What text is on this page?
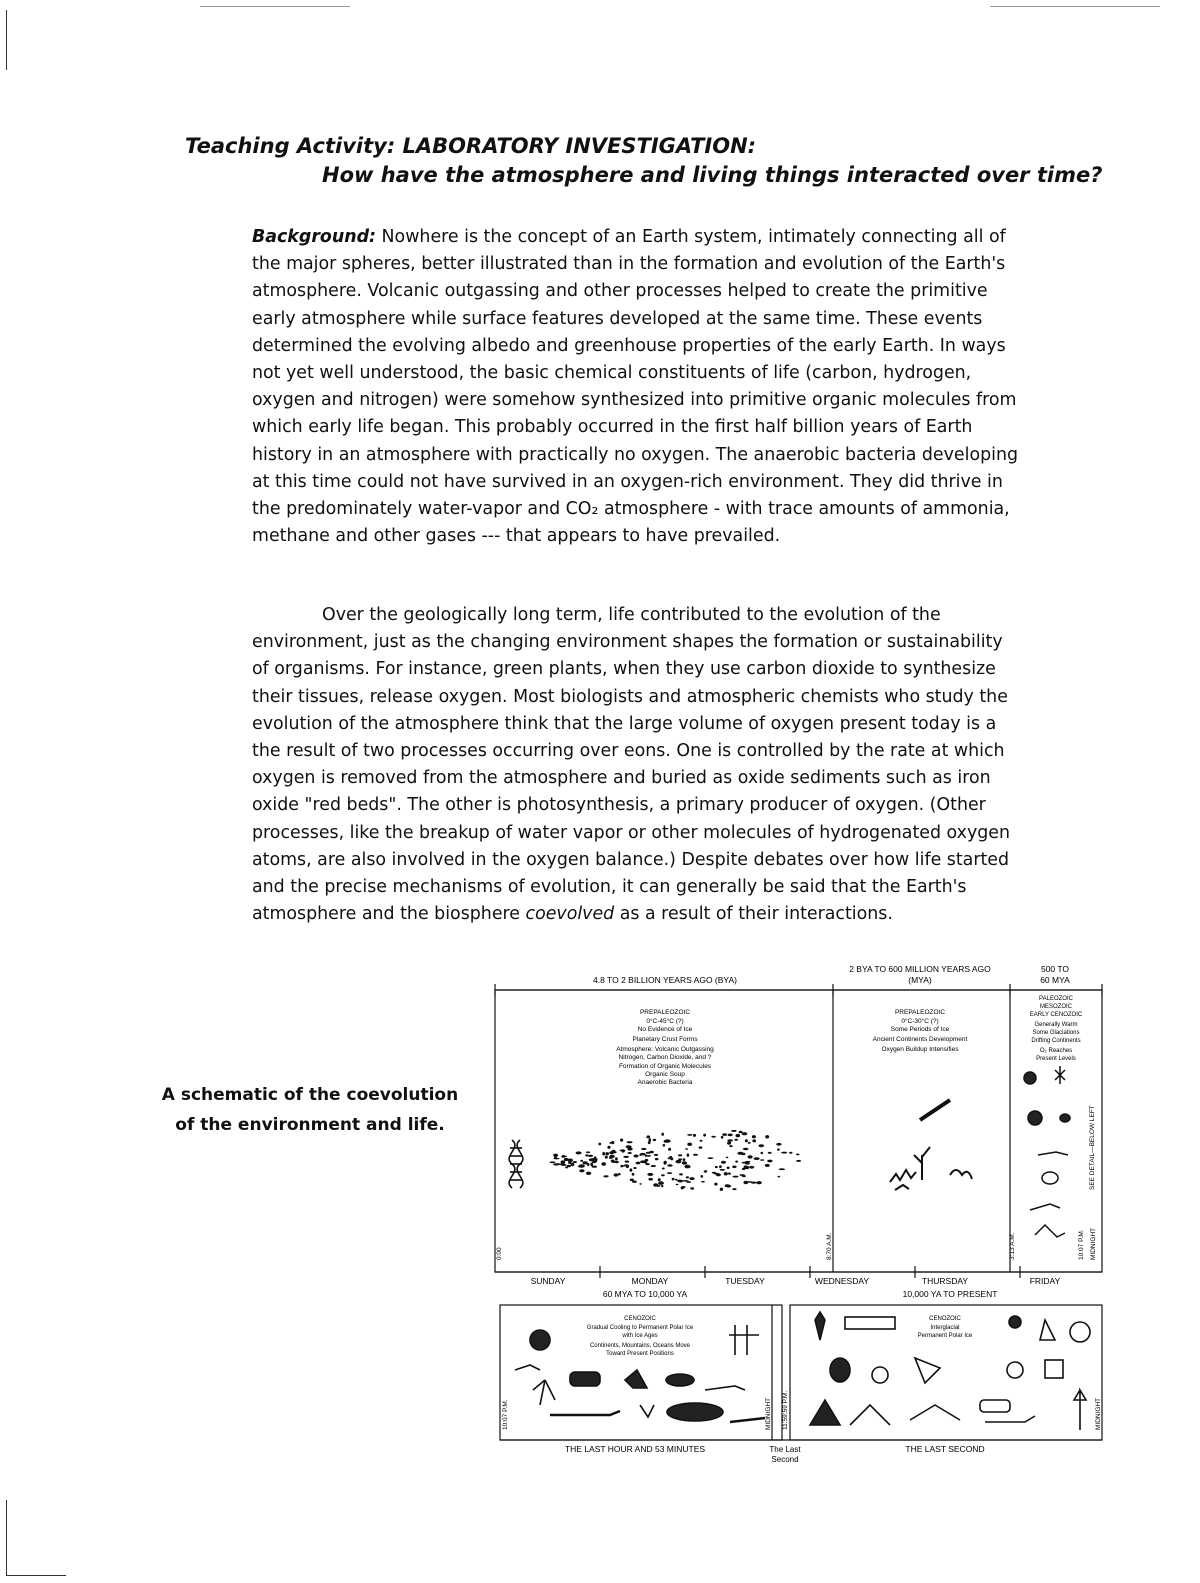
Teaching Activity: LABORATORY INVESTIGATION:
How have the atmosphere and living things interacted over time?
Background: Nowhere is the concept of an Earth system, intimately connecting all of the major spheres, better illustrated than in the formation and evolution of the Earth's atmosphere. Volcanic outgassing and other processes helped to create the primitive early atmosphere while surface features developed at the same time. These events determined the evolving albedo and greenhouse properties of the early Earth. In ways not yet well understood, the basic chemical constituents of life (carbon, hydrogen, oxygen and nitrogen) were somehow synthesized into primitive organic molecules from which early life began. This probably occurred in the first half billion years of Earth history in an atmosphere with practically no oxygen. The anaerobic bacteria developing at this time could not have survived in an oxygen-rich environment. They did thrive in the predominately water-vapor and CO₂ atmosphere - with trace amounts of ammonia, methane and other gases --- that appears to have prevailed.
Over the geologically long term, life contributed to the evolution of the environment, just as the changing environment shapes the formation or sustainability of organisms. For instance, green plants, when they use carbon dioxide to synthesize their tissues, release oxygen. Most biologists and atmospheric chemists who study the evolution of the atmosphere think that the large volume of oxygen present today is a the result of two processes occurring over eons. One is controlled by the rate at which oxygen is removed from the atmosphere and buried as oxide sediments such as iron oxide "red beds". The other is photosynthesis, a primary producer of oxygen. (Other processes, like the breakup of water vapor or other molecules of hydrogenated oxygen atoms, are also involved in the oxygen balance.) Despite debates over how life started and the precise mechanisms of evolution, it can generally be said that the Earth's atmosphere and the biosphere coevolved as a result of their interactions.
A schematic of the coevolution
of the environment and life.
4.8 TO 2 BILLION YEARS AGO (BYA)
2 BYA TO 600 MILLION YEARS AGO
(MYA)
500 TO
60 MYA
PREPALEOZOIC
0°C-45°C (?)
No Evidence of Ice
Planetary Crust Forms
Atmosphere: Volcanic Outgassing
Nitrogen, Carbon Dioxide, and ?
Formation of Organic Molecules
Organic Soup
Anaerobic Bacteria
PREPALEOZOIC
0°C-30°C (?)
Some Periods of Ice
Ancient Continents Development
Oxygen Buildup Intensifies
PALEOZOIC
MESOZOIC
EARLY CENOZOIC
Generally Warm
Some Glaciations
Drifting Continents
O₂ Reaches
Present Levels
SEE DETAIL—BELOW LEFT
0:00	8:70 A.M.	3:13 A.M.	10:07 P.M. MIDNIGHT
SUNDAY	MONDAY	TUESDAY	WEDNESDAY	THURSDAY	FRIDAY
60 MYA TO 10,000 YA	10,000 YA TO PRESENT
CENOZOIC
Gradual Cooling to Permanent Polar Ice
with Ice Ages
Continents, Mountains, Oceans Move
Toward Present Positions
10:07 P.M.	MIDNIGHT 11:59:59 P.M.
CENOZOIC
Interglacial
Permanent Polar Ice
MIDNIGHT
THE LAST HOUR AND 53 MINUTES	The Last
Second
THE LAST SECOND
